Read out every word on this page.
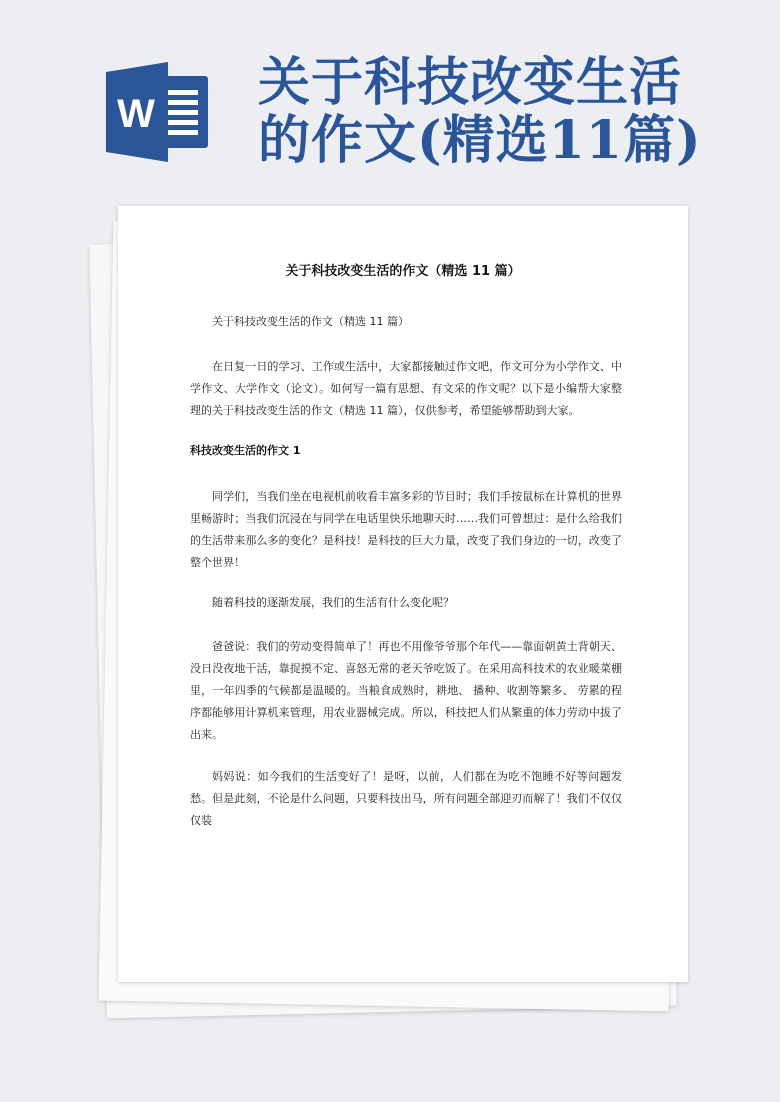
W
关于科技改变生活
的作文(精选11篇)
关于科技改变生活的作文（精选 11 篇）

关于科技改变生活的作文（精选 11 篇）

在日复一日的学习、工作或生活中，大家都接触过作文吧，作文可分为小学作文、中学作文、大学作文（论文）。如何写一篇有思想、有文采的作文呢？以下是小编帮大家整理的关于科技改变生活的作文（精选 11 篇），仅供参考，希望能够帮助到大家。

科技改变生活的作文 1

同学们，当我们坐在电视机前收看丰富多彩的节目时；我们手按鼠标在计算机的世界里畅游时；当我们沉浸在与同学在电话里快乐地聊天时……我们可曾想过：是什么给我们的生活带来那么多的变化？是科技！是科技的巨大力量，改变了我们身边的一切，改变了整个世界！

随着科技的逐渐发展，我们的生活有什么变化呢？

爸爸说：我们的劳动变得简单了！再也不用像爷爷那个年代——靠面朝黄土背朝天、没日没夜地干活，靠捉摸不定、喜怒无常的老天爷吃饭了。在采用高科技术的农业暖菜棚里，一年四季的气候都是温暖的。当粮食成熟时，耕地、 播种、收割等繁多、 劳累的程序都能够用计算机来管理，用农业器械完成。所以，科技把人们从繁重的体力劳动中拔了出来。

妈妈说：如今我们的生活变好了！是呀，以前，人们都在为吃不饱睡不好等问题发愁。但是此刻，不论是什么问题，只要科技出马，所有问题全部迎刃而解了！我们不仅仅仅装
